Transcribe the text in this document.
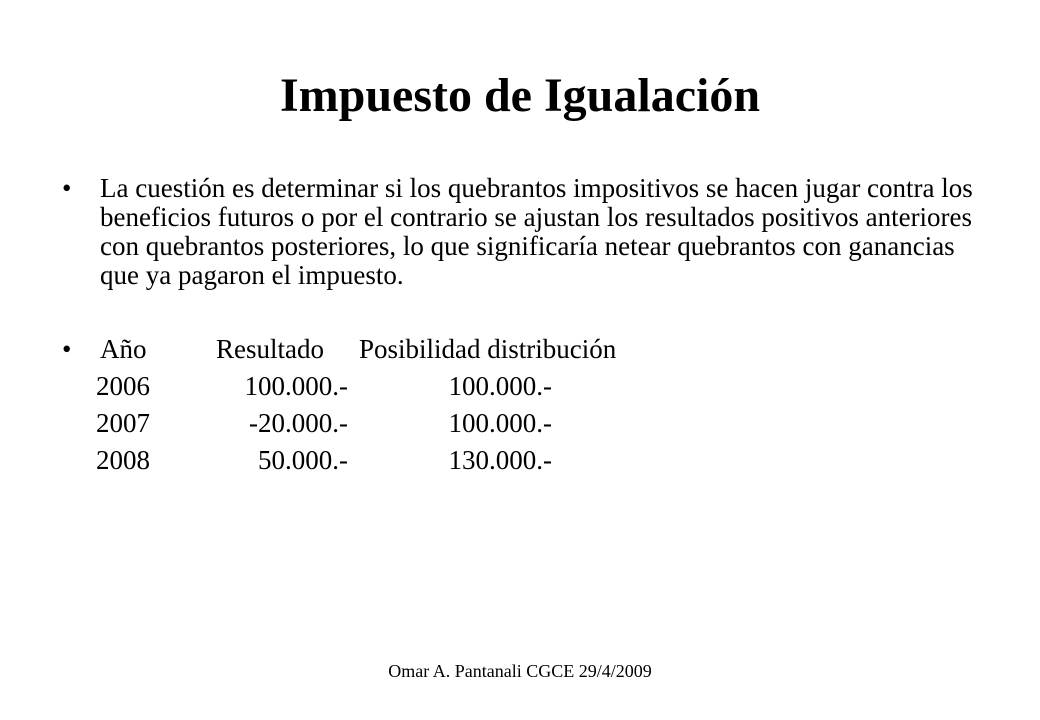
Impuesto de Igualación
• La cuestión es determinar si los quebrantos impositivos se hacen jugar contra los beneficios futuros o por el contrario se ajustan los resultados positivos anteriores con quebrantos posteriores, lo que significaría netear quebrantos con ganancias que ya pagaron el impuesto.
• Año	Resultado Posibilidad distribución
2006	100.000.-	100.000.-
2007	-20.000.-	100.000.-
2008	50.000.-	130.000.-
Omar A. Pantanali CGCE 29/4/2009
